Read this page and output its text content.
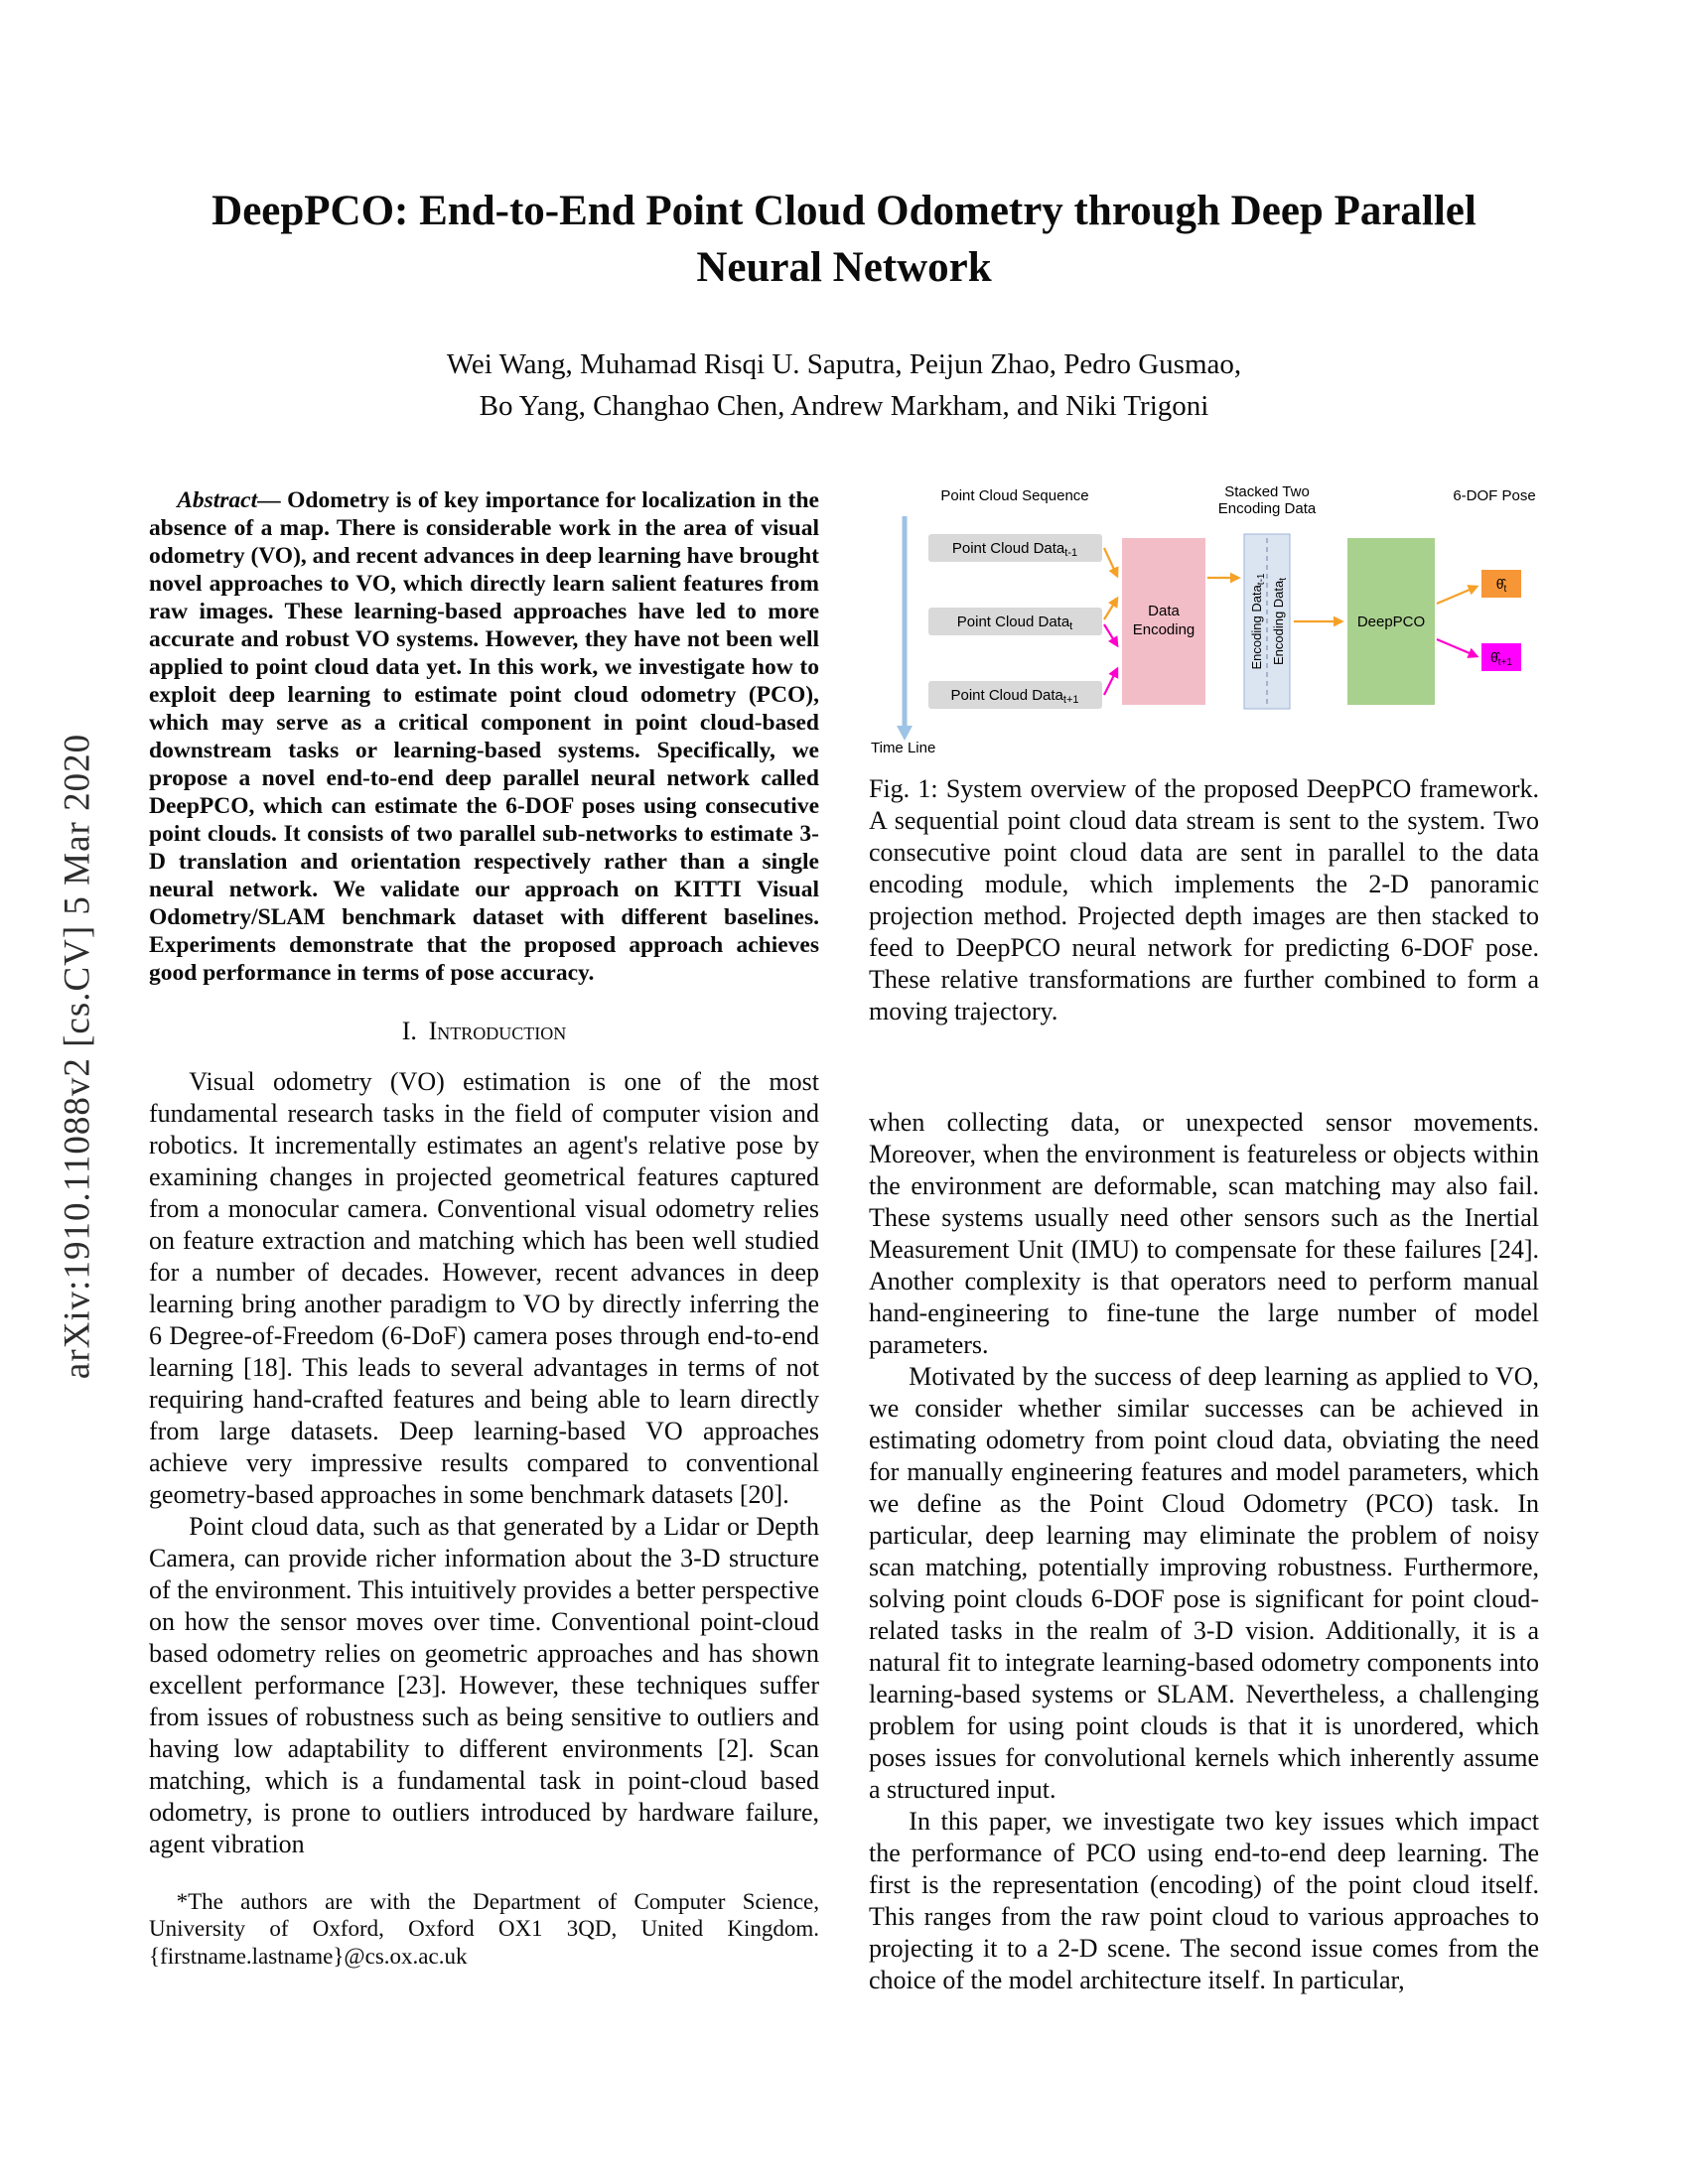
arXiv:1910.11088v2 [cs.CV] 5 Mar 2020
DeepPCO: End-to-End Point Cloud Odometry through Deep Parallel
Neural Network
Wei Wang, Muhamad Risqi U. Saputra, Peijun Zhao, Pedro Gusmao,
Bo Yang, Changhao Chen, Andrew Markham, and Niki Trigoni

Abstract— Odometry is of key importance for localization in the absence of a map. There is considerable work in the area of visual odometry (VO), and recent advances in deep learning have brought novel approaches to VO, which directly learn salient features from raw images. These learning-based approaches have led to more accurate and robust VO systems. However, they have not been well applied to point cloud data yet. In this work, we investigate how to exploit deep learning to estimate point cloud odometry (PCO), which may serve as a critical component in point cloud-based downstream tasks or learning-based systems. Specifically, we propose a novel end-to-end deep parallel neural network called DeepPCO, which can estimate the 6-DOF poses using consecutive point clouds. It consists of two parallel sub-networks to estimate 3-D translation and orientation respectively rather than a single neural network. We validate our approach on KITTI Visual Odometry/SLAM benchmark dataset with different baselines. Experiments demonstrate that the proposed approach achieves good performance in terms of pose accuracy.

I. Introduction

Visual odometry (VO) estimation is one of the most fundamental research tasks in the field of computer vision and robotics. It incrementally estimates an agent's relative pose by examining changes in projected geometrical features captured from a monocular camera. Conventional visual odometry relies on feature extraction and matching which has been well studied for a number of decades. However, recent advances in deep learning bring another paradigm to VO by directly inferring the 6 Degree-of-Freedom (6-DoF) camera poses through end-to-end learning [18]. This leads to several advantages in terms of not requiring hand-crafted features and being able to learn directly from large datasets. Deep learning-based VO approaches achieve very impressive results compared to conventional geometry-based approaches in some benchmark datasets [20].

Point cloud data, such as that generated by a Lidar or Depth Camera, can provide richer information about the 3-D structure of the environment. This intuitively provides a better perspective on how the sensor moves over time. Conventional point-cloud based odometry relies on geometric approaches and has shown excellent performance [23]. However, these techniques suffer from issues of robustness such as being sensitive to outliers and having low adaptability to different environments [2]. Scan matching, which is a fundamental task in point-cloud based odometry, is prone to outliers introduced by hardware failure, agent vibration

*The authors are with the Department of Computer Science, University of Oxford, Oxford OX1 3QD, United Kingdom. {firstname.lastname}@cs.ox.ac.uk

Point Cloud Sequence	Stacked Two
Encoding Data
6-DOF Pose
Time Line
Point Cloud Data$_{t-1}$
Point Cloud Data$_t$
Point Cloud Data$_{t+1}$
Data
Encoding	Encoding Data$_{t-1}$
Encoding Data$_t$
DeepPCO
$\thetâ_t$
$\thetâ_{t+1}$

Fig. 1: System overview of the proposed DeepPCO framework. A sequential point cloud data stream is sent to the system. Two consecutive point cloud data are sent in parallel to the data encoding module, which implements the 2-D panoramic projection method. Projected depth images are then stacked to feed to DeepPCO neural network for predicting 6-DOF pose. These relative transformations are further combined to form a moving trajectory.

when collecting data, or unexpected sensor movements. Moreover, when the environment is featureless or objects within the environment are deformable, scan matching may also fail. These systems usually need other sensors such as the Inertial Measurement Unit (IMU) to compensate for these failures [24]. Another complexity is that operators need to perform manual hand-engineering to fine-tune the large number of model parameters.

Motivated by the success of deep learning as applied to VO, we consider whether similar successes can be achieved in estimating odometry from point cloud data, obviating the need for manually engineering features and model parameters, which we define as the Point Cloud Odometry (PCO) task. In particular, deep learning may eliminate the problem of noisy scan matching, potentially improving robustness. Furthermore, solving point clouds 6-DOF pose is significant for point cloud-related tasks in the realm of 3-D vision. Additionally, it is a natural fit to integrate learning-based odometry components into learning-based systems or SLAM. Nevertheless, a challenging problem for using point clouds is that it is unordered, which poses issues for convolutional kernels which inherently assume a structured input.

In this paper, we investigate two key issues which impact the performance of PCO using end-to-end deep learning. The first is the representation (encoding) of the point cloud itself. This ranges from the raw point cloud to various approaches to projecting it to a 2-D scene. The second issue comes from the choice of the model architecture itself. In particular,
